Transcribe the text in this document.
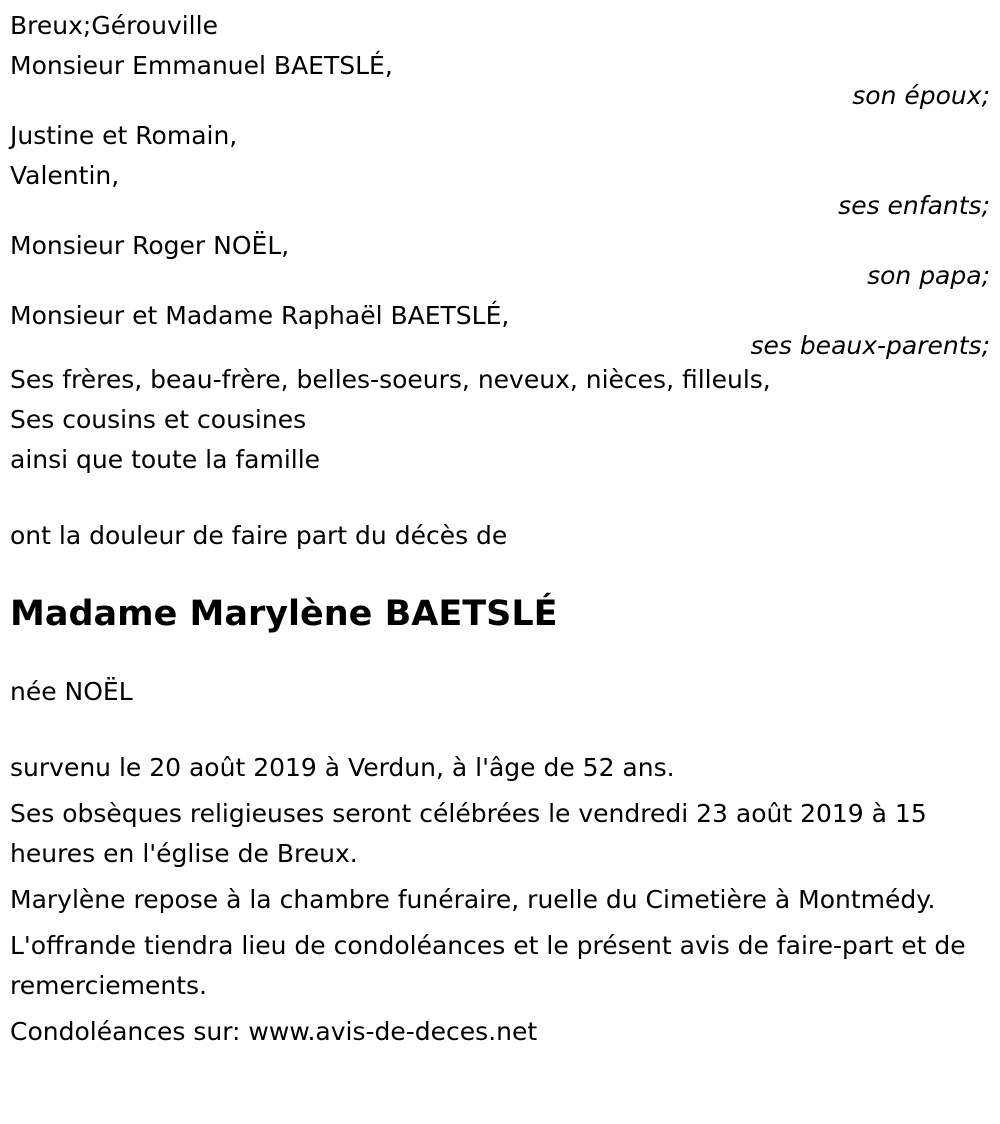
Breux;Gérouville
Monsieur Emmanuel BAETSLÉ,
son époux;
Justine et Romain,
Valentin,
ses enfants;
Monsieur Roger NOËL,
son papa;
Monsieur et Madame Raphaël BAETSLÉ,
ses beaux-parents;
Ses frères, beau-frère, belles-soeurs, neveux, nièces, filleuls,
Ses cousins et cousines
ainsi que toute la famille
ont la douleur de faire part du décès de
Madame Marylène BAETSLÉ
née NOËL

survenu le 20 août 2019 à Verdun, à l'âge de 52 ans.

Ses obsèques religieuses seront célébrées le vendredi 23 août 2019 à 15 heures en l'église de Breux.

Marylène repose à la chambre funéraire, ruelle du Cimetière à Montmédy.

L'offrande tiendra lieu de condoléances et le présent avis de faire-part et de remerciements.

Condoléances sur: www.avis-de-deces.net
